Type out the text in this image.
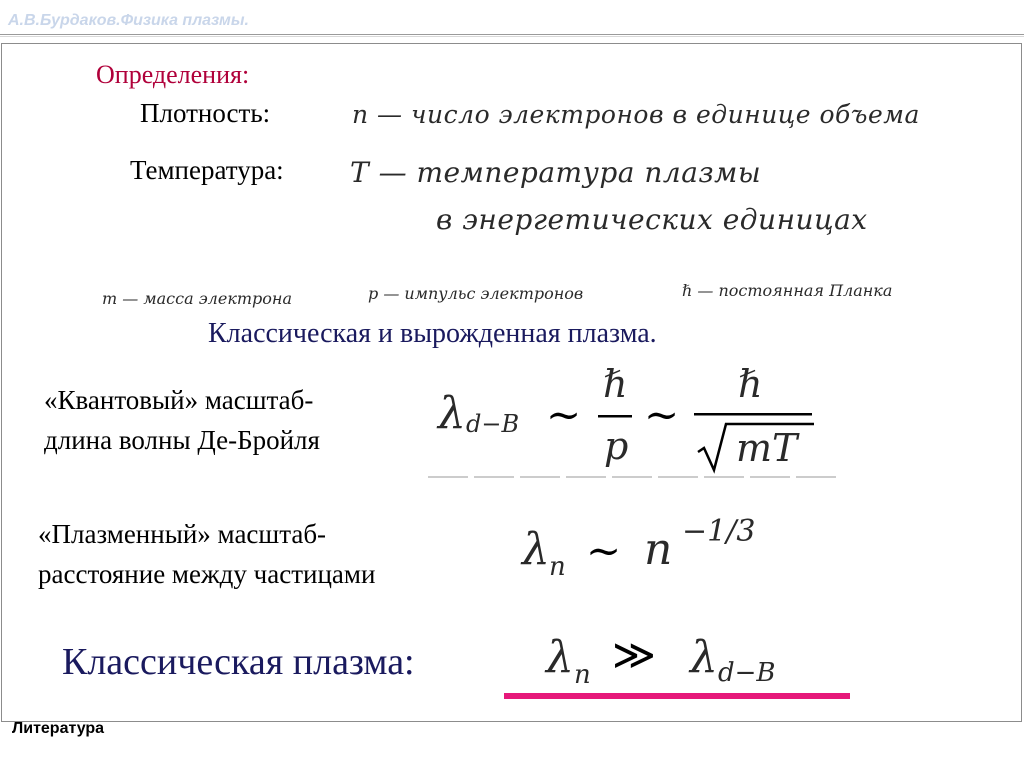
А.В.Бурдаков.Физика плазмы.
Определения:
Плотность:	n — число электронов в единице объема
Температура: T — температура плазмы
в энергетических единицах
m — масса электрона	p — импульс электронов	ℏ — постоянная Планка
Классическая и вырожденная плазма.
«Квантовый» масштаб-
длина волны Де-Бройля
λ d−B ∼
ℏ
p
∼
ℏ
mT
«Плазменный» масштаб-
расстояние между частицами	λ n ∼ n −1/3
Классическая плазма:	λ n ≫ λ d−B
Литература
